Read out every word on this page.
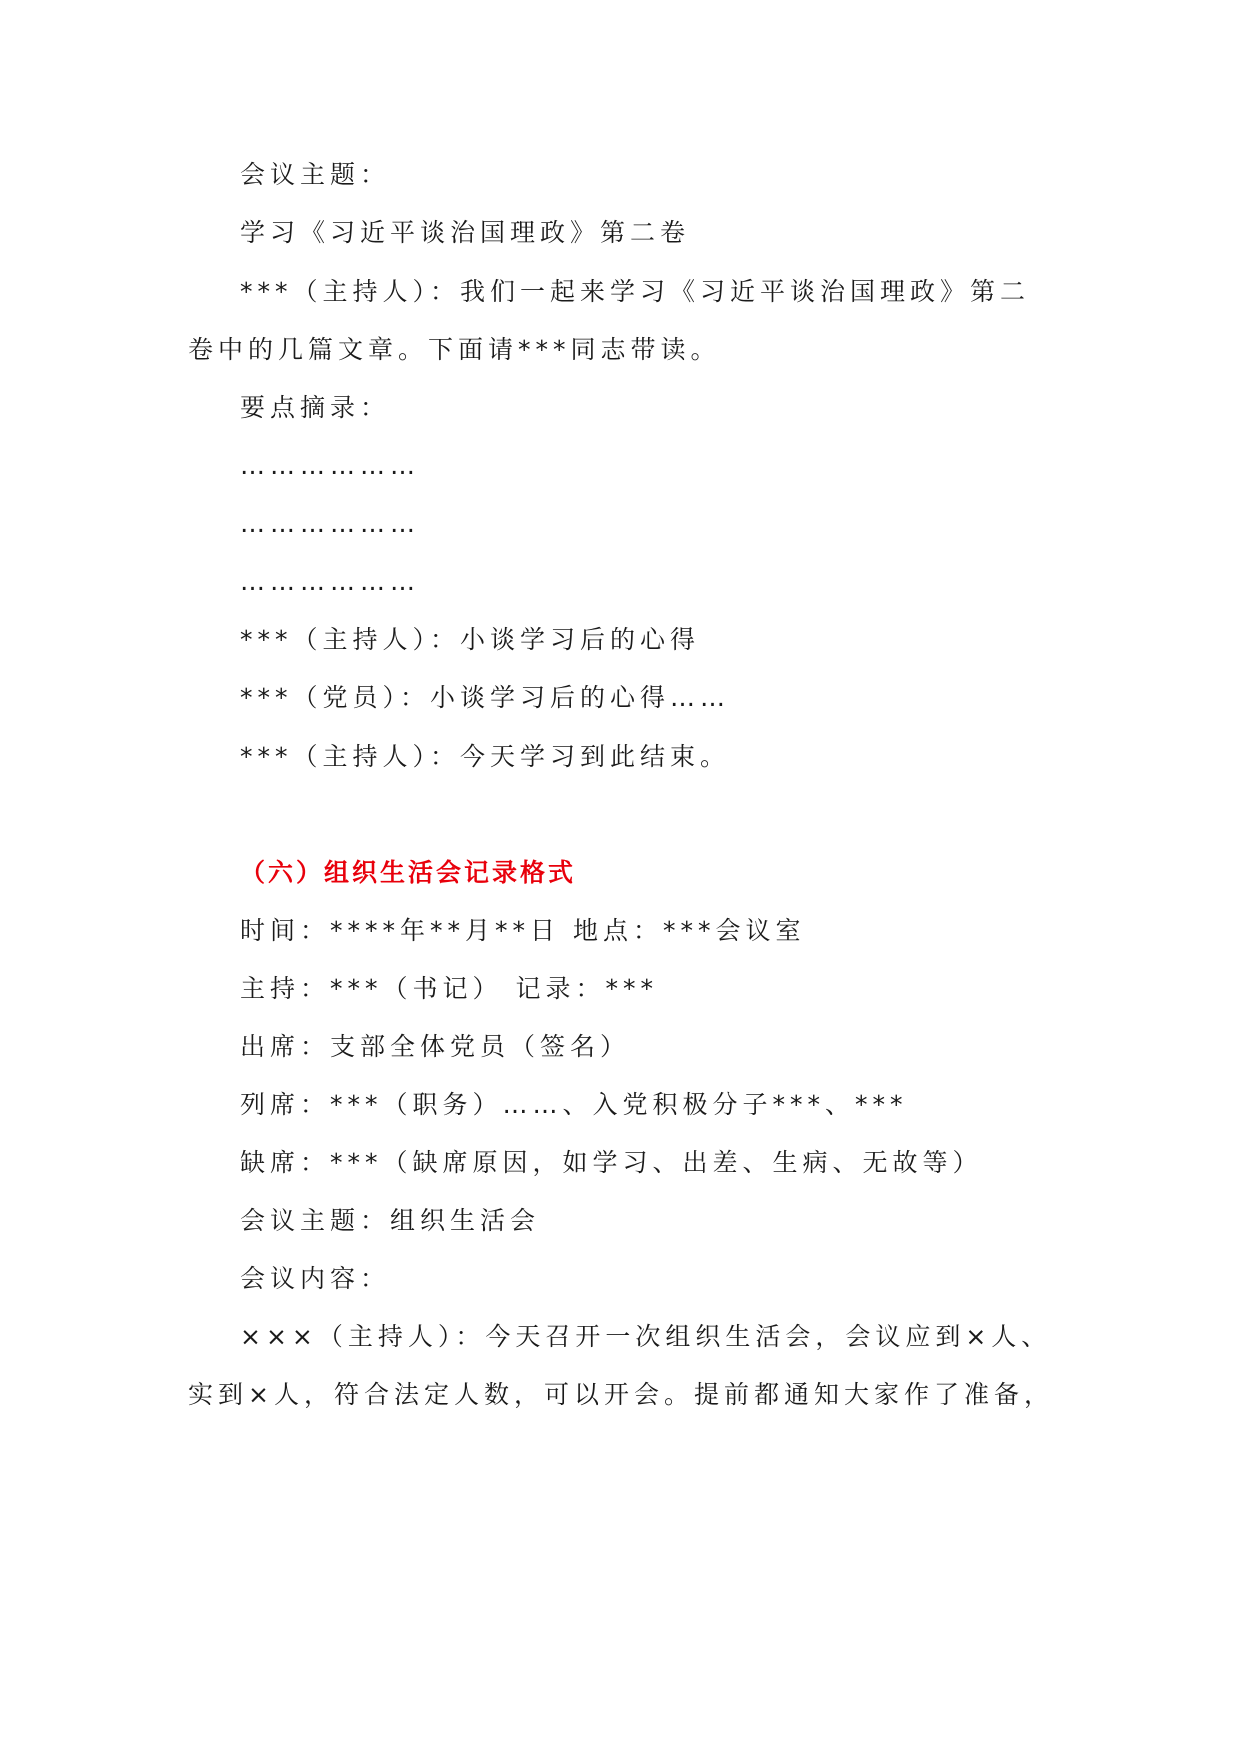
会议主题：
学习《习近平谈治国理政》第二卷
***（主持人）：我们一起来学习《习近平谈治国理政》第二
卷中的几篇文章。下面请***同志带读。
要点摘录：
………………
………………
………………
***（主持人）：小谈学习后的心得
***（党员）：小谈学习后的心得……
***（主持人）：今天学习到此结束。
（六）组织生活会记录格式
时间：****年**月**日 地点：***会议室
主持：***（书记） 记录：***
出席：支部全体党员（签名）
列席：***（职务）……、入党积极分子***、***
缺席：***（缺席原因，如学习、出差、生病、无故等）
会议主题：组织生活会
会议内容：
×××（主持人）：今天召开一次组织生活会，会议应到×人、
实到×人，符合法定人数，可以开会。提前都通知大家作了准备，
